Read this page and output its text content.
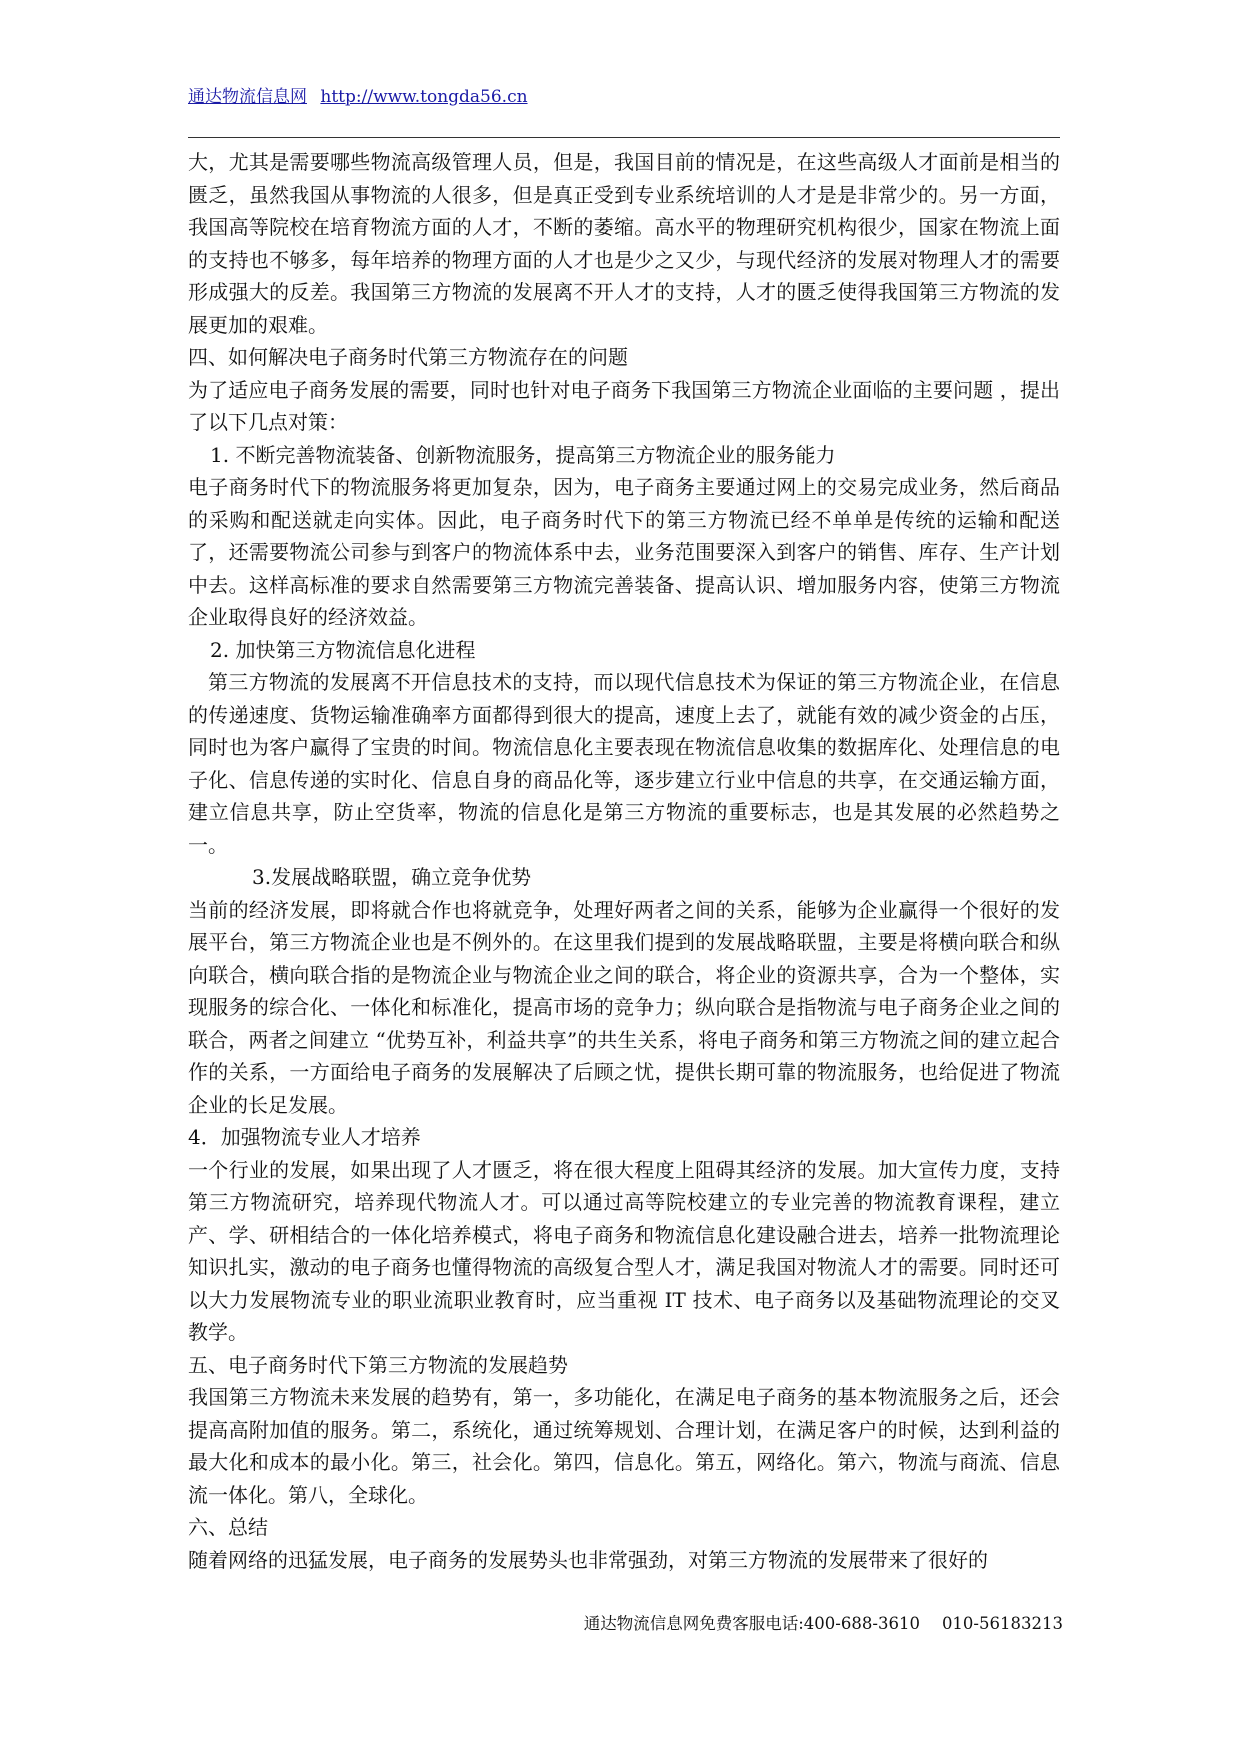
通达物流信息网 http://www.tongda56.cn

大，尤其是需要哪些物流高级管理人员，但是，我国目前的情况是，在这些高级人才面前是相当的匮乏，虽然我国从事物流的人很多，但是真正受到专业系统培训的人才是是非常少的。另一方面，我国高等院校在培育物流方面的人才，不断的萎缩。高水平的物理研究机构很少，国家在物流上面的支持也不够多，每年培养的物理方面的人才也是少之又少，与现代经济的发展对物理人才的需要形成强大的反差。我国第三方物流的发展离不开人才的支持，人才的匮乏使得我国第三方物流的发展更加的艰难。

四、如何解决电子商务时代第三方物流存在的问题

为了适应电子商务发展的需要，同时也针对电子商务下我国第三方物流企业面临的主要问题 ，提出了以下几点对策：

1. 不断完善物流装备、创新物流服务，提高第三方物流企业的服务能力

电子商务时代下的物流服务将更加复杂，因为，电子商务主要通过网上的交易完成业务，然后商品的采购和配送就走向实体。因此，电子商务时代下的第三方物流已经不单单是传统的运输和配送了，还需要物流公司参与到客户的物流体系中去，业务范围要深入到客户的销售、库存、生产计划中去。这样高标准的要求自然需要第三方物流完善装备、提高认识、增加服务内容，使第三方物流企业取得良好的经济效益。

2. 加快第三方物流信息化进程

第三方物流的发展离不开信息技术的支持，而以现代信息技术为保证的第三方物流企业，在信息的传递速度、货物运输准确率方面都得到很大的提高，速度上去了，就能有效的减少资金的占压，同时也为客户赢得了宝贵的时间。物流信息化主要表现在物流信息收集的数据库化、处理信息的电子化、信息传递的实时化、信息自身的商品化等，逐步建立行业中信息的共享，在交通运输方面，建立信息共享，防止空货率，物流的信息化是第三方物流的重要标志，也是其发展的必然趋势之一。

3.发展战略联盟，确立竞争优势

当前的经济发展，即将就合作也将就竞争，处理好两者之间的关系，能够为企业赢得一个很好的发展平台，第三方物流企业也是不例外的。在这里我们提到的发展战略联盟，主要是将横向联合和纵向联合，横向联合指的是物流企业与物流企业之间的联合，将企业的资源共享，合为一个整体，实现服务的综合化、一体化和标准化，提高市场的竞争力；纵向联合是指物流与电子商务企业之间的联合，两者之间建立 “优势互补，利益共享”的共生关系，将电子商务和第三方物流之间的建立起合作的关系，一方面给电子商务的发展解决了后顾之忧，提供长期可靠的物流服务，也给促进了物流企业的长足发展。

4．加强物流专业人才培养

一个行业的发展，如果出现了人才匮乏，将在很大程度上阻碍其经济的发展。加大宣传力度，支持第三方物流研究，培养现代物流人才。可以通过高等院校建立的专业完善的物流教育课程，建立产、学、研相结合的一体化培养模式，将电子商务和物流信息化建设融合进去，培养一批物流理论知识扎实，激动的电子商务也懂得物流的高级复合型人才，满足我国对物流人才的需要。同时还可以大力发展物流专业的职业流职业教育时，应当重视 IT 技术、电子商务以及基础物流理论的交叉教学。

五、电子商务时代下第三方物流的发展趋势

我国第三方物流未来发展的趋势有，第一，多功能化，在满足电子商务的基本物流服务之后，还会提高高附加值的服务。第二，系统化，通过统筹规划、合理计划，在满足客户的时候，达到利益的最大化和成本的最小化。第三，社会化。第四，信息化。第五，网络化。第六，物流与商流、信息流一体化。第八，全球化。

六、总结

随着网络的迅猛发展，电子商务的发展势头也非常强劲，对第三方物流的发展带来了很好的

通达物流信息网免费客服电话:400-688-3610 010-56183213
